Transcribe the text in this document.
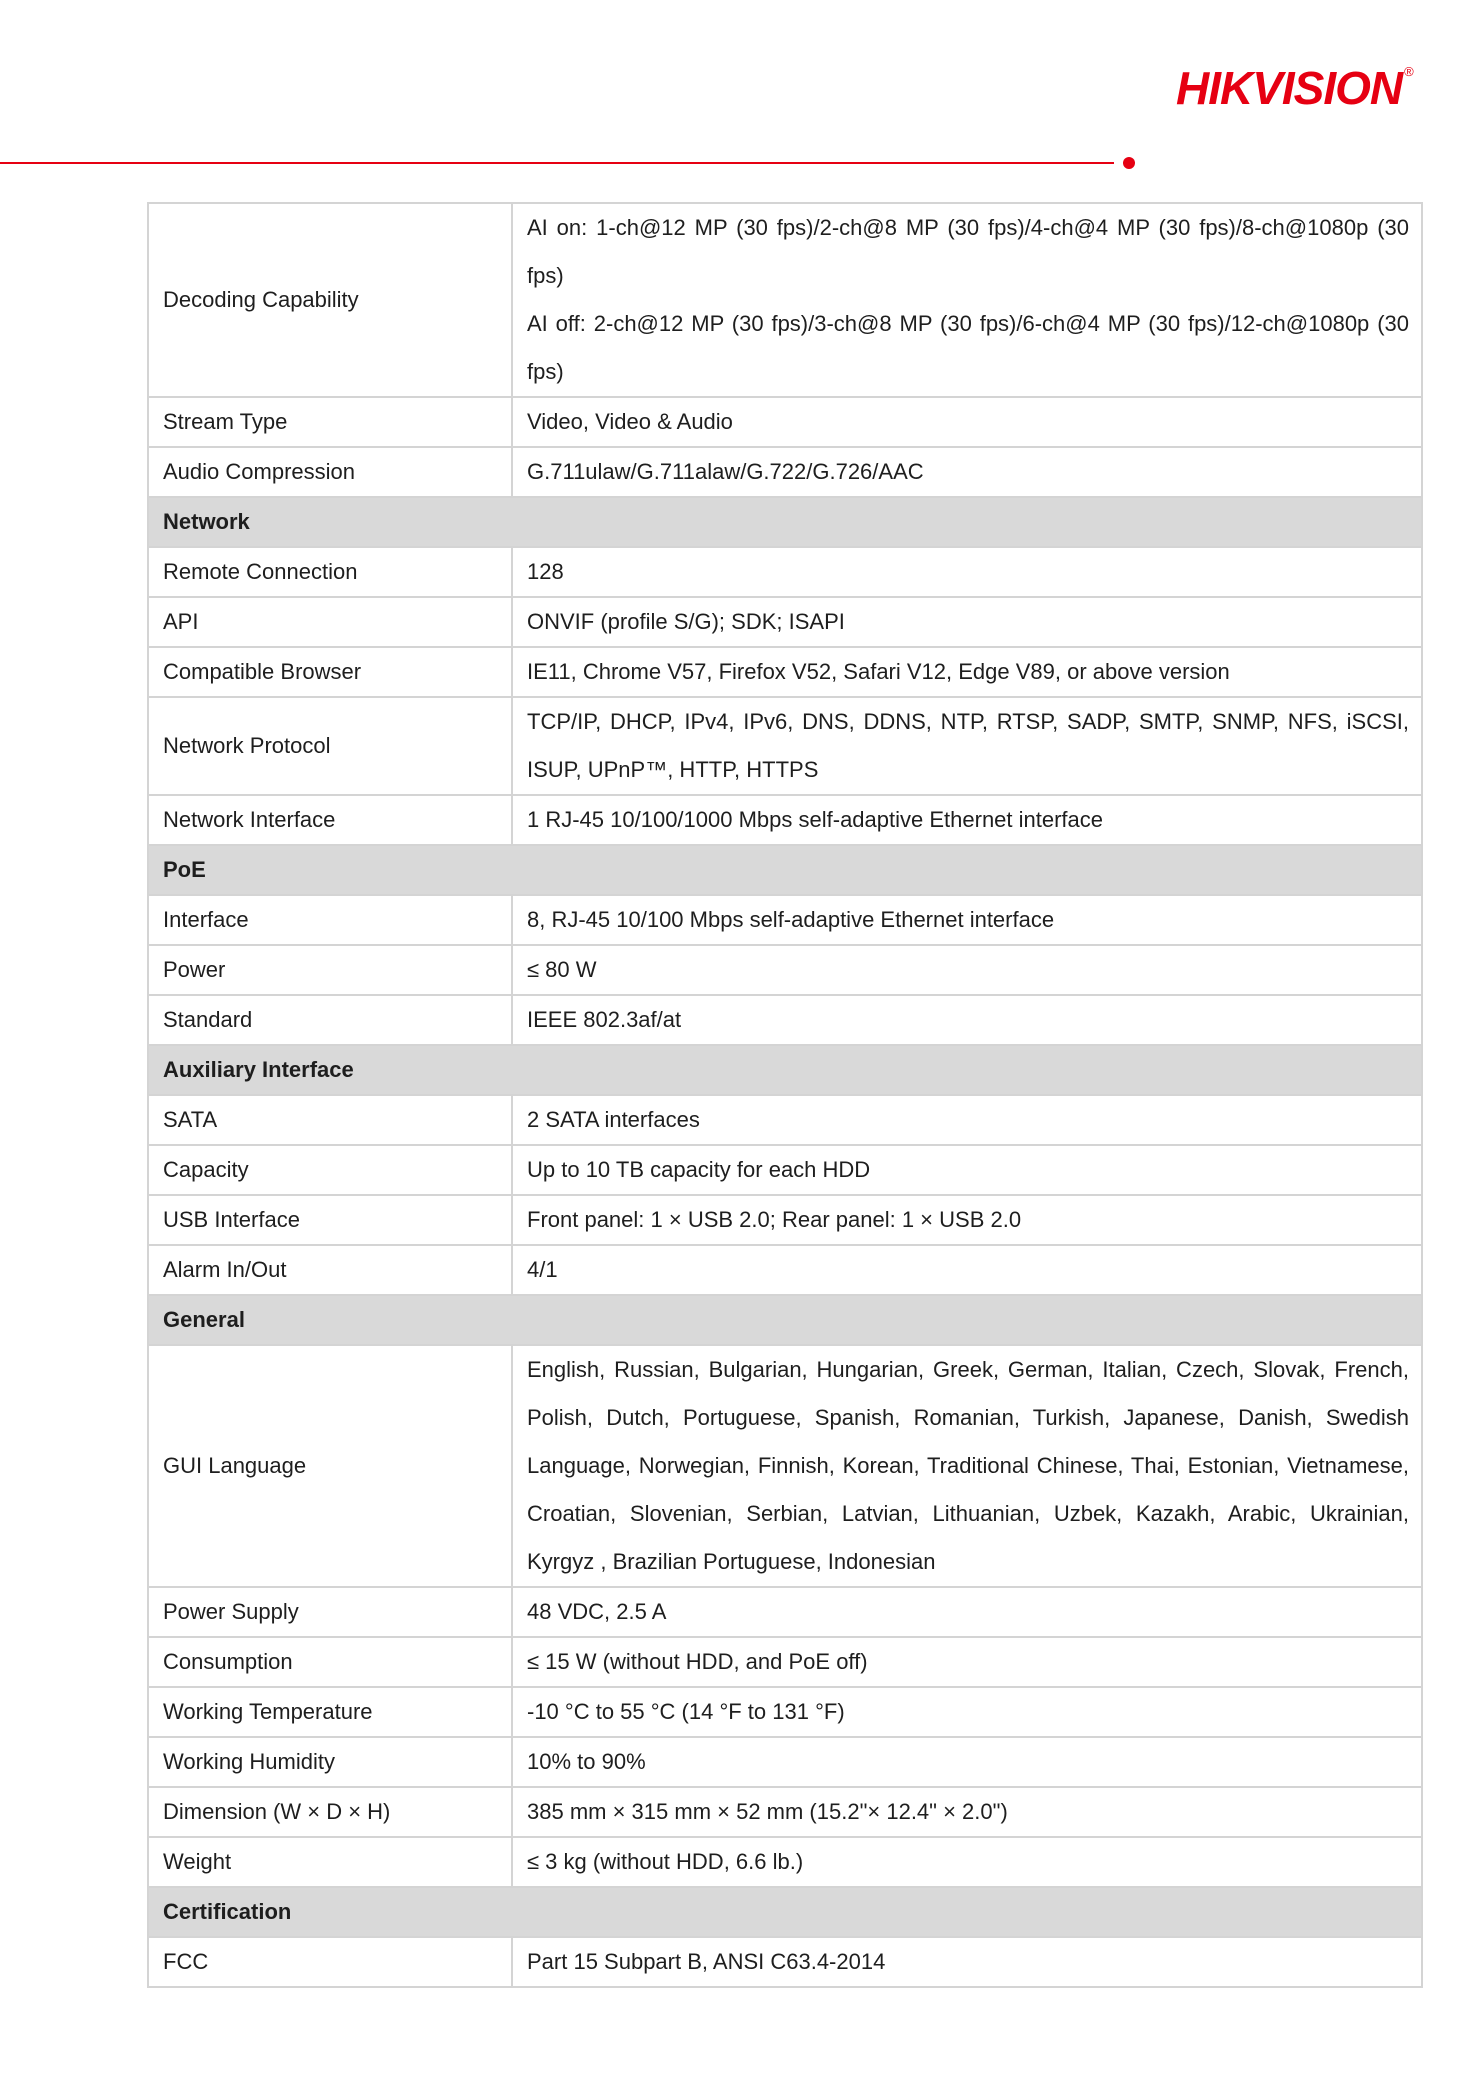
HIKVISION ®
Decoding Capability	AI on: 1-ch@12 MP (30 fps)/2-ch@8 MP (30 fps)/4-ch@4 MP (30 fps)/8-ch@1080p (30 fps)
AI off: 2-ch@12 MP (30 fps)/3-ch@8 MP (30 fps)/6-ch@4 MP (30 fps)/12-ch@1080p (30 fps)

Stream Type	Video, Video & Audio
Audio Compression	G.711ulaw/G.711alaw/G.722/G.726/AAC
Network	
Remote Connection	128
API	ONVIF (profile S/G); SDK; ISAPI
Compatible Browser	IE11, Chrome V57, Firefox V52, Safari V12, Edge V89, or above version
Network Protocol	TCP/IP, DHCP, IPv4, IPv6, DNS, DDNS, NTP, RTSP, SADP, SMTP, SNMP, NFS, iSCSI, ISUP, UPnP™, HTTP, HTTPS
Network Interface	1 RJ-45 10/100/1000 Mbps self-adaptive Ethernet interface
PoE	
Interface	8, RJ-45 10/100 Mbps self-adaptive Ethernet interface
Power	≤ 80 W
Standard	IEEE 802.3af/at
Auxiliary Interface	
SATA	2 SATA interfaces
Capacity	Up to 10 TB capacity for each HDD
USB Interface	Front panel: 1 × USB 2.0; Rear panel: 1 × USB 2.0
Alarm In/Out	4/1
General	
GUI Language	English, Russian, Bulgarian, Hungarian, Greek, German, Italian, Czech, Slovak, French, Polish, Dutch, Portuguese, Spanish, Romanian, Turkish, Japanese, Danish, Swedish Language, Norwegian, Finnish, Korean, Traditional Chinese, Thai, Estonian, Vietnamese, Croatian, Slovenian, Serbian, Latvian, Lithuanian, Uzbek, Kazakh, Arabic, Ukrainian, Kyrgyz , Brazilian Portuguese, Indonesian
Power Supply	48 VDC, 2.5 A
Consumption	≤ 15 W (without HDD, and PoE off)
Working Temperature	-10 °C to 55 °C (14 °F to 131 °F)
Working Humidity	10% to 90%
Dimension (W × D × H)	385 mm × 315 mm × 52 mm (15.2"× 12.4" × 2.0")
Weight	≤ 3 kg (without HDD, 6.6 lb.)
Certification	
FCC	Part 15 Subpart B, ANSI C63.4-2014
